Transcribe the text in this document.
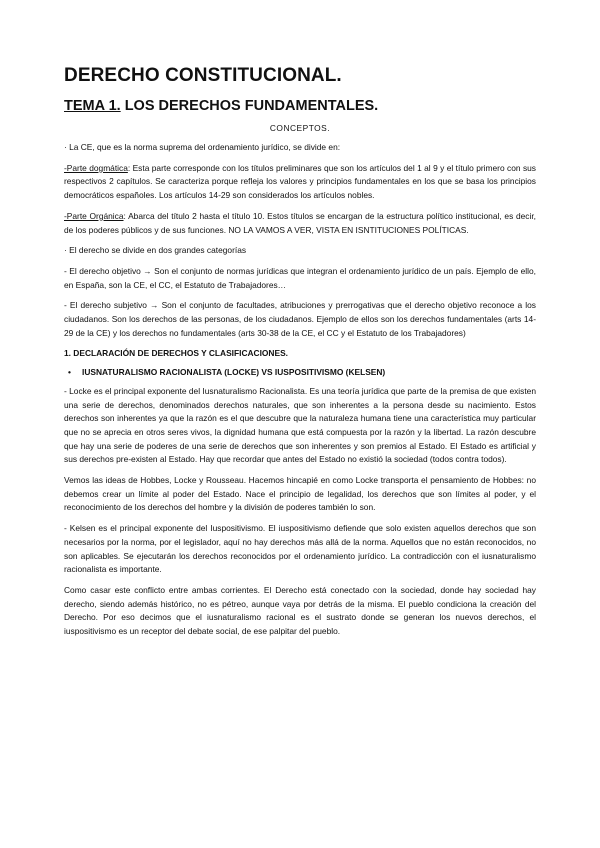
DERECHO CONSTITUCIONAL.
TEMA 1. LOS DERECHOS FUNDAMENTALES.
CONCEPTOS.

· La CE, que es la norma suprema del ordenamiento jurídico, se divide en:

-Parte dogmática: Esta parte corresponde con los títulos preliminares que son los artículos del 1 al 9 y el título primero con sus respectivos 2 capítulos. Se caracteriza porque refleja los valores y principios fundamentales en los que se basa los principios democráticos españoles. Los artículos 14-29 son considerados los artículos nobles.

-Parte Orgánica: Abarca del título 2 hasta el título 10. Estos títulos se encargan de la estructura político institucional, es decir, de los poderes públicos y de sus funciones. NO LA VAMOS A VER, VISTA EN ISNTITUCIONES POLÍTICAS.

· El derecho se divide en dos grandes categorías

- El derecho objetivo → Son el conjunto de normas jurídicas que integran el ordenamiento jurídico de un país. Ejemplo de ello, en España, son la CE, el CC, el Estatuto de Trabajadores…

- El derecho subjetivo → Son el conjunto de facultades, atribuciones y prerrogativas que el derecho objetivo reconoce a los ciudadanos. Son los derechos de las personas, de los ciudadanos. Ejemplo de ellos son los derechos fundamentales (arts 14-29 de la CE) y los derechos no fundamentales (arts 30-38 de la CE, el CC y el Estatuto de los Trabajadores)

1. DECLARACIÓN DE DERECHOS Y CLASIFICACIONES.

• IUSNATURALISMO RACIONALISTA (LOCKE) VS IUSPOSITIVISMO (KELSEN)

- Locke es el principal exponente del Iusnaturalismo Racionalista. Es una teoría jurídica que parte de la premisa de que existen una serie de derechos, denominados derechos naturales, que son inherentes a la persona desde su nacimiento. Estos derechos son inherentes ya que la razón es el que descubre que la naturaleza humana tiene una característica muy particular que no se aprecia en otros seres vivos, la dignidad humana que está compuesta por la razón y la libertad. La razón descubre que hay una serie de poderes de una serie de derechos que son inherentes y son premios al Estado. El Estado es artificial y sus derechos pre-existen al Estado. Hay que recordar que antes del Estado no existió la sociedad (todos contra todos).

Vemos las ideas de Hobbes, Locke y Rousseau. Hacemos hincapié en como Locke transporta el pensamiento de Hobbes: no debemos crear un límite al poder del Estado. Nace el principio de legalidad, los derechos que son límites al poder, y el reconocimiento de los derechos del hombre y la división de poderes también lo son.

- Kelsen es el principal exponente del Iuspositivismo. El iuspositivismo defiende que solo existen aquellos derechos que son necesarios por la norma, por el legislador, aquí no hay derechos más allá de la norma. Aquellos que no están reconocidos, no son aplicables. Se ejecutarán los derechos reconocidos por el ordenamiento jurídico. La contradicción con el iusnaturalismo racionalista es importante.

Como casar este conflicto entre ambas corrientes. El Derecho está conectado con la sociedad, donde hay sociedad hay derecho, siendo además histórico, no es pétreo, aunque vaya por detrás de la misma. El pueblo condiciona la creación del Derecho. Por eso decimos que el iusnaturalismo racional es el sustrato donde se generan los nuevos derechos, el iuspositivismo es un receptor del debate social, de ese palpitar del pueblo.
